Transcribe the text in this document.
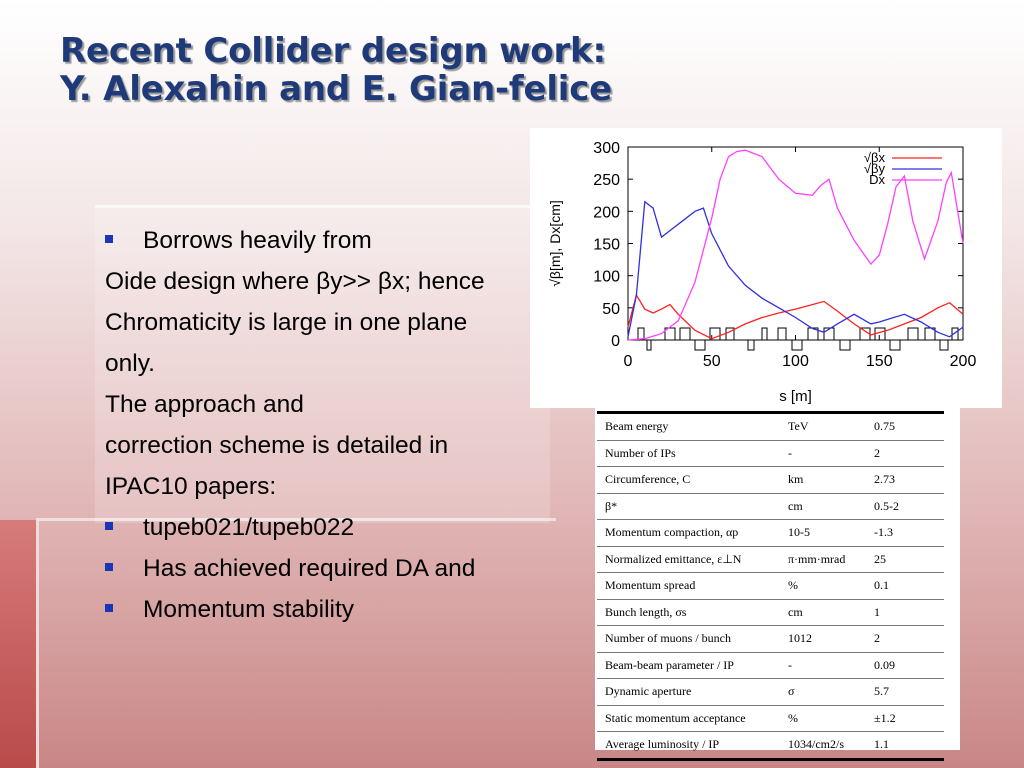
Recent Collider design work:
Y. Alexahin and E. Gian-felice
Borrows heavily from
Oide design where βy>> βx; hence
Chromaticity is large in one plane
only.
The approach and
correction scheme is detailed in
IPAC10 papers:
tupeb021/tupeb022
Has achieved required DA and
Momentum stability
0
50
100
150
200
250
300
0	50	100	150	200
s [m]
√β[m], Dx[cm]
√βx
√βy
Dx
Beam energy	TeV	0.75
Number of IPs	-	2
Circumference, C	km	2.73
β*	cm	0.5-2
Momentum compaction, αp	10-5	-1.3
Normalized emittance, ε⊥N	π·mm·mrad	25
Momentum spread	%	0.1
Bunch length, σs	cm	1
Number of muons / bunch	1012	2
Beam-beam parameter / IP	-	0.09
Dynamic aperture	σ	5.7
Static momentum acceptance	%	±1.2
Average luminosity / IP	1034/cm2/s	1.1
